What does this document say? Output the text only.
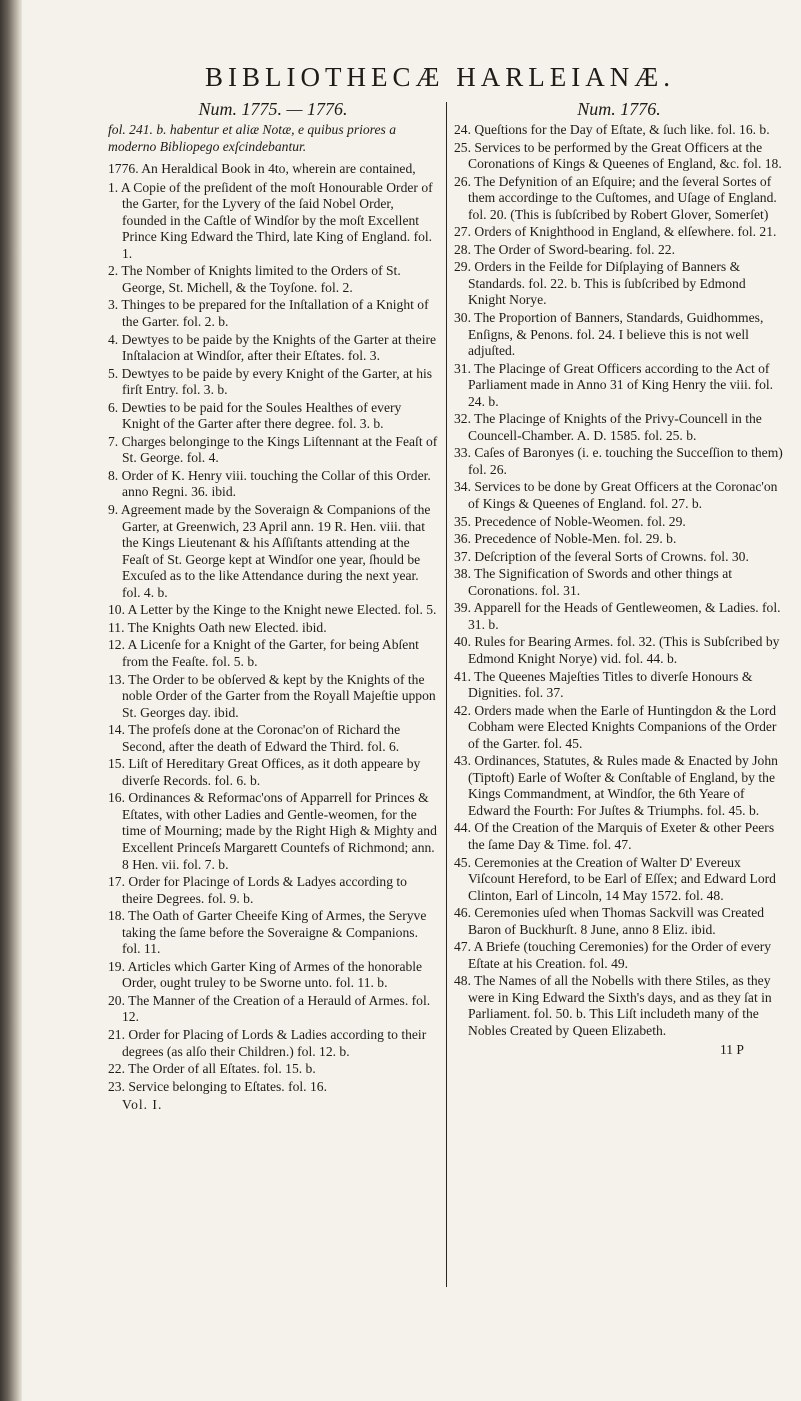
BIBLIOTHECÆ HARLEIANÆ.
Num. 1775. — 1776.

fol. 241. b. habentur et aliæ Notæ, e quibus priores a moderno Bibliopego exſcindebantur.

1776. An Heraldical Book in 4to, wherein are contained,

1. A Copie of the preſident of the moſt Honourable Order of the Garter, for the Lyvery of the ſaid Nobel Order, founded in the Caſtle of Windſor by the moſt Excellent Prince King Edward the Third, late King of England. fol. 1.

2. The Nomber of Knights limited to the Orders of St. George, St. Michell, & the Toyſone. fol. 2.

3. Thinges to be prepared for the Inſtallation of a Knight of the Garter. fol. 2. b.

4. Dewtyes to be paide by the Knights of the Garter at theire Inſtalacion at Windſor, after their Eſtates. fol. 3.

5. Dewtyes to be paide by every Knight of the Garter, at his firſt Entry. fol. 3. b.

6. Dewties to be paid for the Soules Healthes of every Knight of the Garter after there degree. fol. 3. b.

7. Charges belonginge to the Kings Liſtennant at the Feaſt of St. George. fol. 4.

8. Order of K. Henry viii. touching the Collar of this Order. anno Regni. 36. ibid.

9. Agreement made by the Soveraign & Companions of the Garter, at Greenwich, 23 April ann. 19 R. Hen. viii. that the Kings Lieutenant & his Aſſiſtants attending at the Feaſt of St. George kept at Windſor one year, ſhould be Excuſed as to the like Attendance during the next year. fol. 4. b.

10. A Letter by the Kinge to the Knight newe Elected. fol. 5.

11. The Knights Oath new Elected. ibid.

12. A Licenſe for a Knight of the Garter, for being Abſent from the Feaſte. fol. 5. b.

13. The Order to be obſerved & kept by the Knights of the noble Order of the Garter from the Royall Majeſtie uppon St. Georges day. ibid.

14. The profeſs done at the Coronac'on of Richard the Second, after the death of Edward the Third. fol. 6.

15. Liſt of Hereditary Great Offices, as it doth appeare by diverſe Records. fol. 6. b.

16. Ordinances & Reformac'ons of Apparrell for Princes & Eſtates, with other Ladies and Gentle-weomen, for the time of Mourning; made by the Right High & Mighty and Excellent Princeſs Margarett Countefs of Richmond; ann. 8 Hen. vii. fol. 7. b.

17. Order for Placinge of Lords & Ladyes according to theire Degrees. fol. 9. b.

18. The Oath of Garter Cheeife King of Armes, the Seryve taking the ſame before the Soveraigne & Companions. fol. 11.

19. Articles which Garter King of Armes of the honorable Order, ought truley to be Sworne unto. fol. 11. b.

20. The Manner of the Creation of a Herauld of Armes. fol. 12.

21. Order for Placing of Lords & Ladies according to their degrees (as alſo their Children.) fol. 12. b.

22. The Order of all Eſtates. fol. 15. b.

23. Service belonging to Eſtates. fol. 16.

Vol. I.
Num. 1776.

24. Queſtions for the Day of Eſtate, & ſuch like. fol. 16. b.

25. Services to be performed by the Great Officers at the Coronations of Kings & Queenes of England, &c. fol. 18.

26. The Defynition of an Eſquire; and the ſeveral Sortes of them accordinge to the Cuſtomes, and Uſage of England. fol. 20. (This is ſubſcribed by Robert Glover, Somerſet)

27. Orders of Knighthood in England, & elſewhere. fol. 21.

28. The Order of Sword-bearing. fol. 22.

29. Orders in the Feilde for Diſplaying of Banners & Standards. fol. 22. b. This is ſubſcribed by Edmond Knight Norye.

30. The Proportion of Banners, Standards, Guidhommes, Enſigns, & Penons. fol. 24. I believe this is not well adjuſted.

31. The Placinge of Great Officers according to the Act of Parliament made in Anno 31 of King Henry the viii. fol. 24. b.

32. The Placinge of Knights of the Privy-Councell in the Councell-Chamber. A. D. 1585. fol. 25. b.

33. Caſes of Baronyes (i. e. touching the Succeſſion to them) fol. 26.

34. Services to be done by Great Officers at the Coronac'on of Kings & Queenes of England. fol. 27. b.

35. Precedence of Noble-Weomen. fol. 29.

36. Precedence of Noble-Men. fol. 29. b.

37. Deſcription of the ſeveral Sorts of Crowns. fol. 30.

38. The Signification of Swords and other things at Coronations. fol. 31.

39. Apparell for the Heads of Gentleweomen, & Ladies. fol. 31. b.

40. Rules for Bearing Armes. fol. 32. (This is Subſcribed by Edmond Knight Norye) vid. fol. 44. b.

41. The Queenes Majeſties Titles to diverſe Honours & Dignities. fol. 37.

42. Orders made when the Earle of Huntingdon & the Lord Cobham were Elected Knights Companions of the Order of the Garter. fol. 45.

43. Ordinances, Statutes, & Rules made & Enacted by John (Tiptoft) Earle of Woſter & Conſtable of England, by the Kings Commandment, at Windſor, the 6th Yeare of Edward the Fourth: For Juſtes & Triumphs. fol. 45. b.

44. Of the Creation of the Marquis of Exeter & other Peers the ſame Day & Time. fol. 47.

45. Ceremonies at the Creation of Walter D' Evereux Viſcount Hereford, to be Earl of Eſſex; and Edward Lord Clinton, Earl of Lincoln, 14 May 1572. fol. 48.

46. Ceremonies uſed when Thomas Sackvill was Created Baron of Buckhurſt. 8 June, anno 8 Eliz. ibid.

47. A Briefe (touching Ceremonies) for the Order of every Eſtate at his Creation. fol. 49.

48. The Names of all the Nobells with there Stiles, as they were in King Edward the Sixth's days, and as they ſat in Parliament. fol. 50. b. This Liſt includeth many of the Nobles Created by Queen Elizabeth.

11 P
